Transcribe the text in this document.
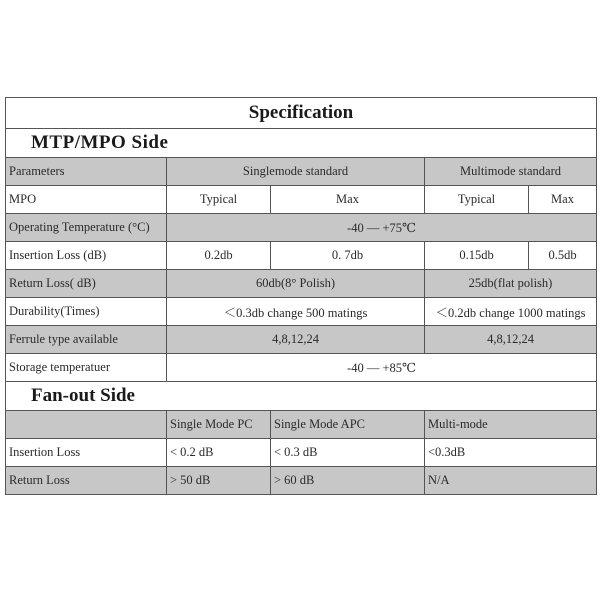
Specification				
MTP/MPO Side				
Parameters	Singlemode standard		Multimode standard	
MPO	Typical	Max	Typical	Max
Operating Temperature (°C)	-40 — +75℃			
Insertion Loss (dB)	0.2db	0. 7db	0.15db	0.5db
Return Loss( dB)	60db(8° Polish)		25db(flat polish)	
Durability(Times)	＜0.3db change 500 matings		＜0.2db change 1000 matings	
Ferrule type available	4,8,12,24		4,8,12,24	
Storage temperatuer	-40 — +85℃			
Fan-out Side				
	Single Mode PC	Single Mode APC	Multi-mode	
Insertion Loss	< 0.2 dB	< 0.3 dB	<0.3dB	
Return Loss	> 50 dB	> 60 dB	N/A	
